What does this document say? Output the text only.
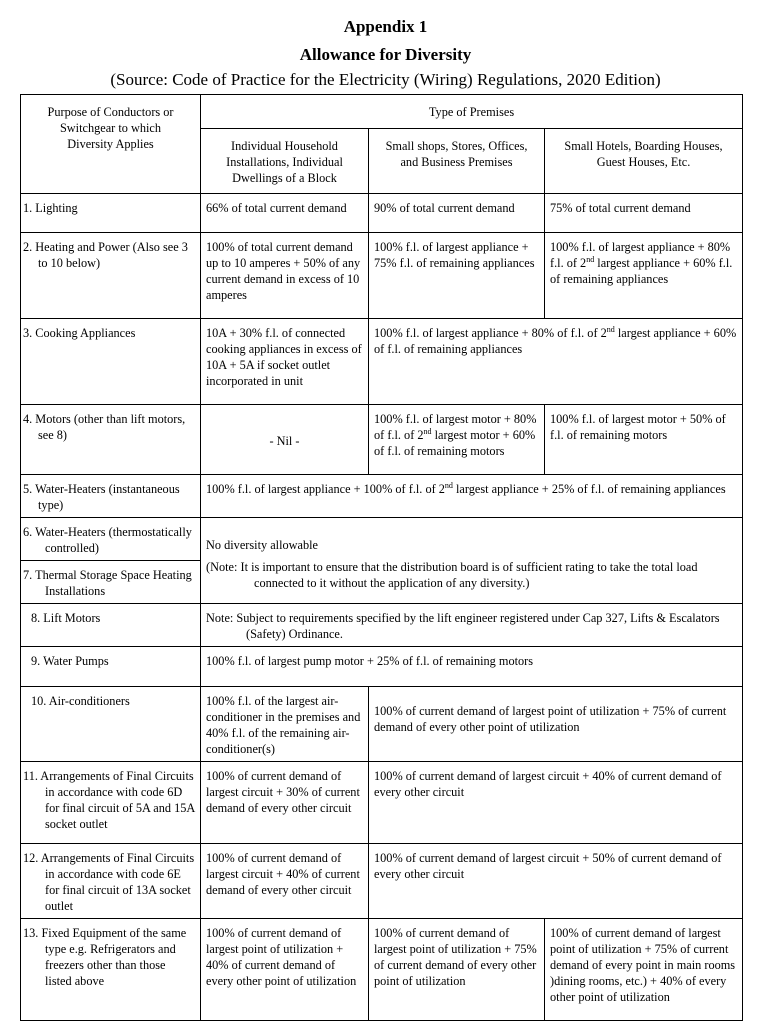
Appendix 1
Allowance for Diversity
(Source: Code of Practice for the Electricity (Wiring) Regulations, 2020 Edition)
Purpose of Conductors or Switchgear to which Diversity Applies	Type of Premises		
	Individual Household Installations, Individual Dwellings of a Block	Small shops, Stores, Offices, and Business Premises	Small Hotels, Boarding Houses, Guest Houses, Etc.

1. Lighting	66% of total current demand	90% of total current demand	75% of total current demand

2. Heating and Power (Also see 3 to 10 below)	100% of total current demand up to 10 amperes + 50% of any current demand in excess of 10 amperes	100% f.l. of largest appliance + 75% f.l. of remaining appliances	100% f.l. of largest appliance + 80% f.l. of 2nd largest appliance + 60% f.l. of remaining appliances

3. Cooking Appliances	10A + 30% f.l. of connected cooking appliances in excess of 10A + 5A if socket outlet incorporated in unit	100% f.l. of largest appliance + 80% of f.l. of 2nd largest appliance + 60% of f.l. of remaining appliances	

4. Motors (other than lift motors, see 8)	- Nil -	100% f.l. of largest motor + 80% of f.l. of 2nd largest motor + 60% of f.l. of remaining motors	100% f.l. of largest motor + 50% of f.l. of remaining motors

5. Water-Heaters (instantaneous type)	100% f.l. of largest appliance + 100% of f.l. of 2nd largest appliance + 25% of f.l. of remaining appliances		

6. Water-Heaters (thermostatically controlled)	No diversity allowable
(Note: It is important to ensure that the distribution board is of sufficient rating to take the total load connected to it without the application of any diversity.)		

7. Thermal Storage Space Heating Installations			

8. Lift Motors	Note: Subject to requirements specified by the lift engineer registered under Cap 327, Lifts & Escalators (Safety) Ordinance.		

9. Water Pumps	100% f.l. of largest pump motor + 25% of f.l. of remaining motors		
10. Air-conditioners	100% f.l. of the largest air-conditioner in the premises and 40% f.l. of the remaining air-conditioner(s)	100% of current demand of largest point of utilization + 75% of current demand of every other point of utilization	

11. Arrangements of Final Circuits in accordance with code 6D for final circuit of 5A and 15A socket outlet	100% of current demand of largest circuit + 30% of current demand of every other circuit	100% of current demand of largest circuit + 40% of current demand of every other circuit	

12. Arrangements of Final Circuits in accordance with code 6E for final circuit of 13A socket outlet	100% of current demand of largest circuit + 40% of current demand of every other circuit	100% of current demand of largest circuit + 50% of current demand of every other circuit	

13. Fixed Equipment of the same type e.g. Refrigerators and freezers other than those listed above	100% of current demand of largest point of utilization + 40% of current demand of every other point of utilization	100% of current demand of largest point of utilization + 75% of current demand of every other point of utilization	100% of current demand of largest point of utilization + 75% of current demand of every point in main rooms )dining rooms, etc.) + 40% of every other point of utilization
